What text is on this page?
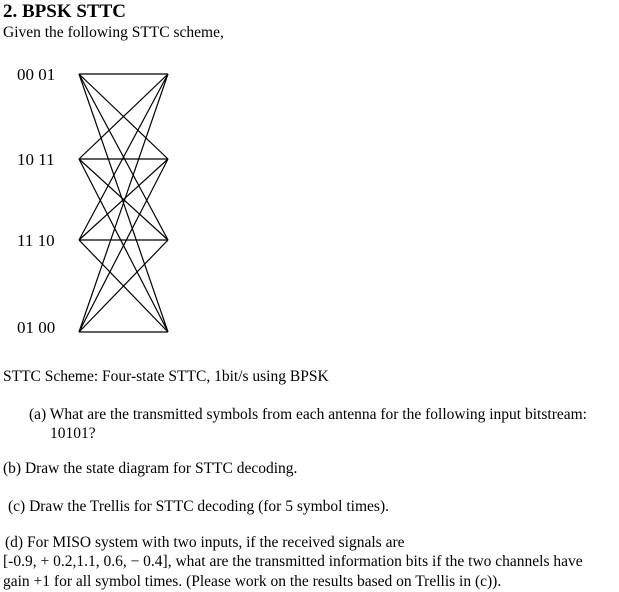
2. BPSK STTC
Given the following STTC scheme,
00 01
10 11
11 10
01 00
STTC Scheme: Four-state STTC, 1bit/s using BPSK
(a) What are the transmitted symbols from each antenna for the following input bitstream:
10101?
(b) Draw the state diagram for STTC decoding.
(c) Draw the Trellis for STTC decoding (for 5 symbol times).
(d) For MISO system with two inputs, if the received signals are
[-0.9, + 0.2,1.1, 0.6, − 0.4], what are the transmitted information bits if the two channels have
gain +1 for all symbol times. (Please work on the results based on Trellis in (c)).
